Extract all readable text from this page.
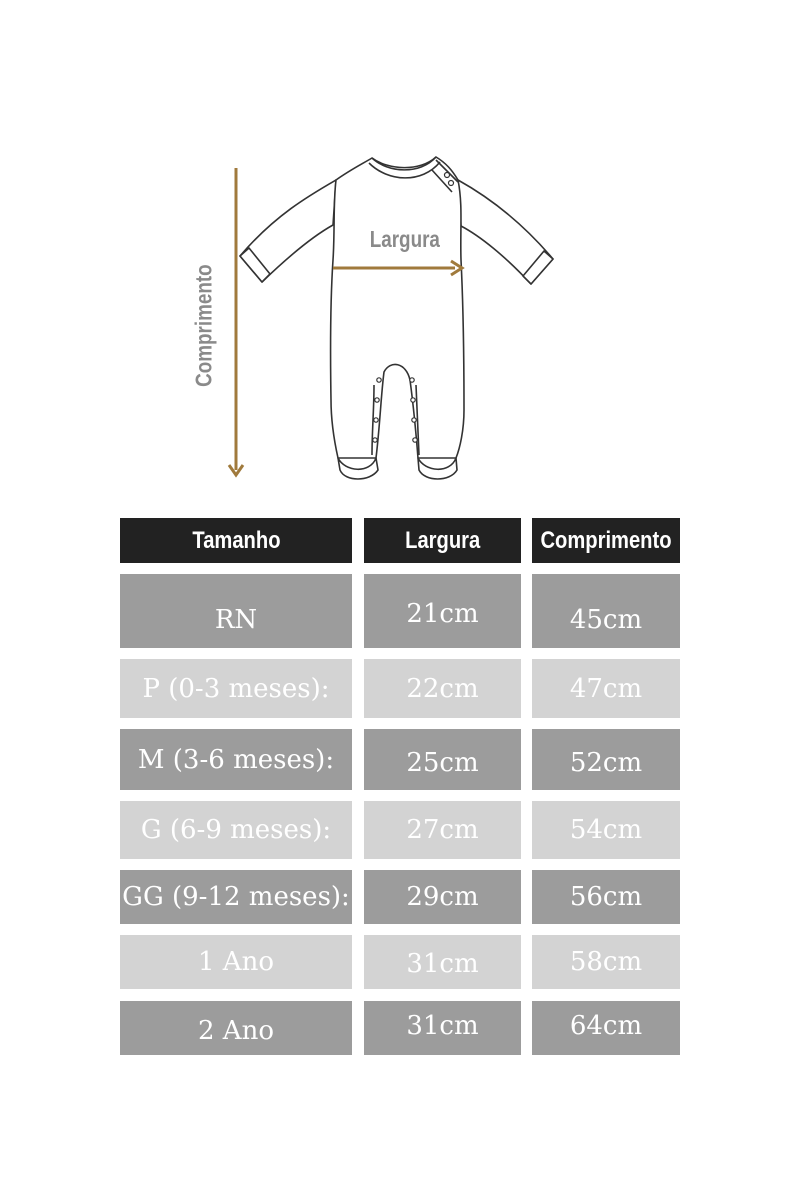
Largura
Comprimento
Tamanho	Largura	Comprimento
RN	21cm	45cm
P (0-3 meses):	22cm	47cm
M (3-6 meses):	25cm	52cm
G (6-9 meses):	27cm	54cm
GG (9-12 meses):	29cm	56cm
1 Ano	31cm	58cm
2 Ano	31cm	64cm
